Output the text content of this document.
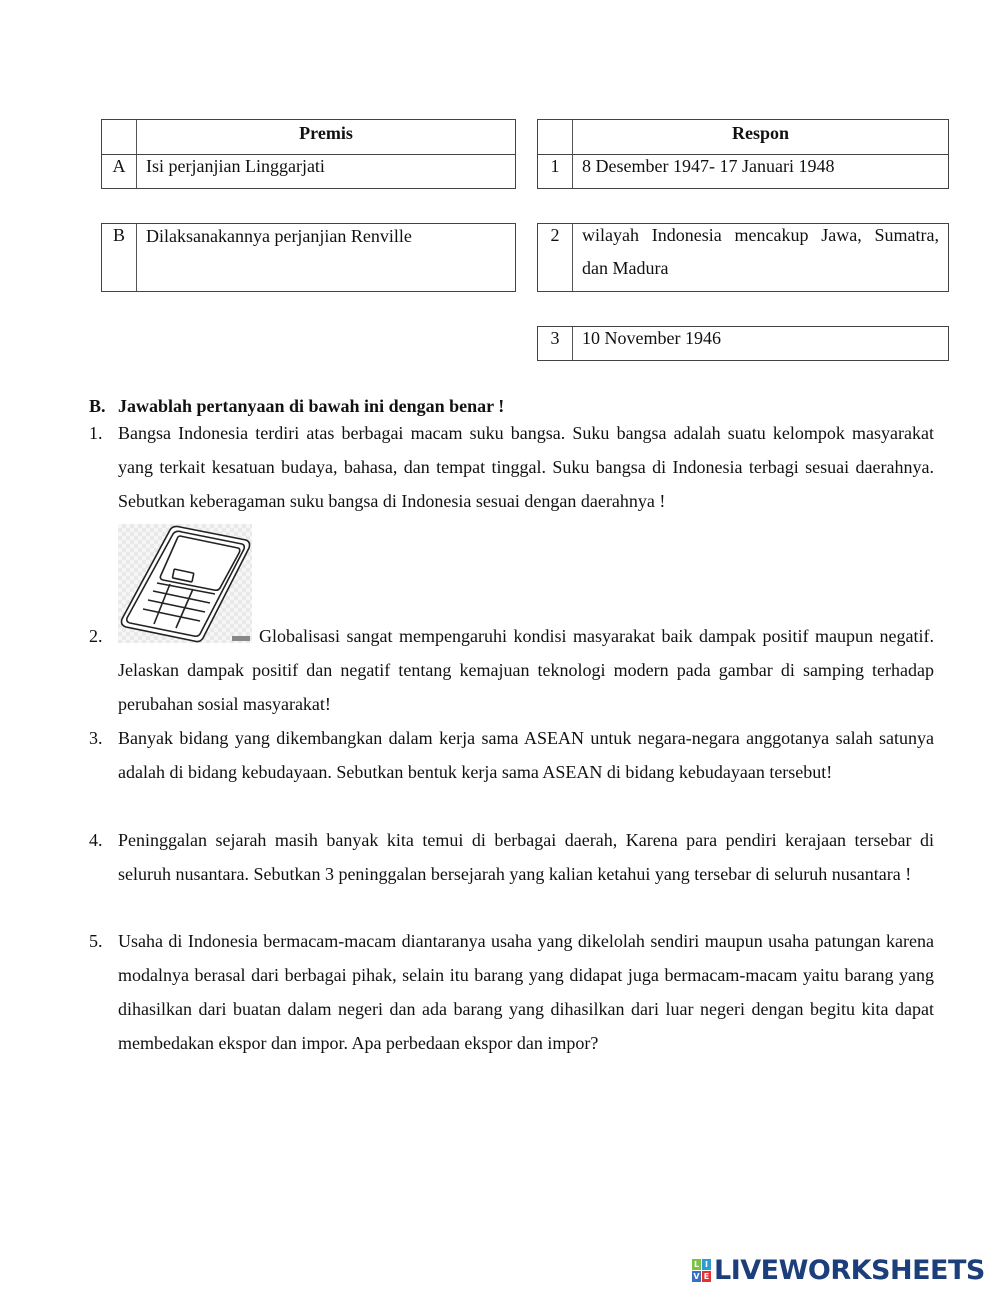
Premis
A	Isi perjanjian Linggarjati
B	Dilaksanakannya perjanjian Renville
Respon
1	8 Desember 1947- 17 Januari 1948
2	wilayah Indonesia mencakup Jawa, Sumatra,
dan Madura
3	10 November 1946
B. Jawablah pertanyaan di bawah ini dengan benar !
1. Bangsa Indonesia terdiri atas berbagai macam suku bangsa. Suku bangsa adalah suatu kelompok masyarakat yang terkait kesatuan budaya, bahasa, dan tempat tinggal. Suku bangsa di Indonesia terbagi sesuai daerahnya. Sebutkan keberagaman suku bangsa di Indonesia sesuai dengan daerahnya !
2.	Globalisasi sangat mempengaruhi kondisi masyarakat baik dampak positif maupun negatif. Jelaskan dampak positif dan negatif tentang kemajuan teknologi modern pada gambar di samping terhadap perubahan sosial masyarakat!
3. Banyak bidang yang dikembangkan dalam kerja sama ASEAN untuk negara-negara anggotanya salah satunya adalah di bidang kebudayaan. Sebutkan bentuk kerja sama ASEAN di bidang kebudayaan tersebut!
4. Peninggalan sejarah masih banyak kita temui di berbagai daerah, Karena para pendiri kerajaan tersebar di seluruh nusantara. Sebutkan 3 peninggalan bersejarah yang kalian ketahui yang tersebar di seluruh nusantara !
5. Usaha di Indonesia bermacam-macam diantaranya usaha yang dikelolah sendiri maupun usaha patungan karena modalnya berasal dari berbagai pihak, selain itu barang yang didapat juga bermacam-macam yaitu barang yang dihasilkan dari buatan dalam negeri dan ada barang yang dihasilkan dari luar negeri dengan begitu kita dapat membedakan ekspor dan impor. Apa perbedaan ekspor dan impor?
L I
V E LIVEWORKSHEETS
